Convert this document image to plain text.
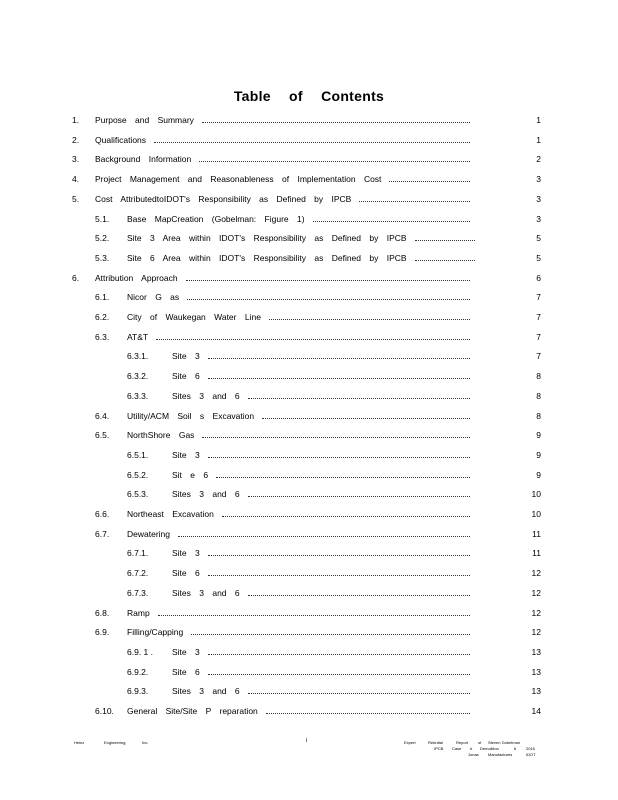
Table of Contents
1. Purpose and Summary	1
2. Qualifications	1
3. Background Information	2
4. Project Management and Reasonableness of Implementation Cost	3
5. Cost AttributedtoIDOT's Responsibility as Defined by IPCB	3
5.1. Base MapCreation (Gobelman: Figure 1)	3
5.2. Site 3 Area within IDOT's Responsibility as Defined by IPCB	5
5.3. Site 6 Area within IDOT's Responsibility as Defined by IPCB	5
6. Attribution Approach	6
6.1. Nicor G as	7
6.2. City of Waukegan Water Line	7
6.3. AT&T	7
6.3.1.	Site 3	7
6.3.2.	Site 6	8
6.3.3.	Sites 3 and 6	8
6.4. Utility/ACM Soil s Excavation	8
6.5. NorthShore Gas	9
6.5.1.	Site 3	9
6.5.2.	Sit e 6	9
6.5.3.	Sites 3 and 6	10
6.6. Northeast Excavation	10
6.7. Dewatering	11
6.7.1.	Site 3	11
6.7.2.	Site 6	12
6.7.3.	Sites 3 and 6	12
6.8. Ramp	12
6.9. Filling/Capping	12
6.9. 1 . Site 3	13
6.9.2.	Site 6	13
6.9.3.	Sites 3 and 6	13
6.10. General Site/Site P reparation	14
Heinz	Engineering,	Inc.	i	Expert	Rebuttal	Report of Steven Gobelman
IPCB Case # Demolition	6 2016
Jonas Manufactures	IDOT
